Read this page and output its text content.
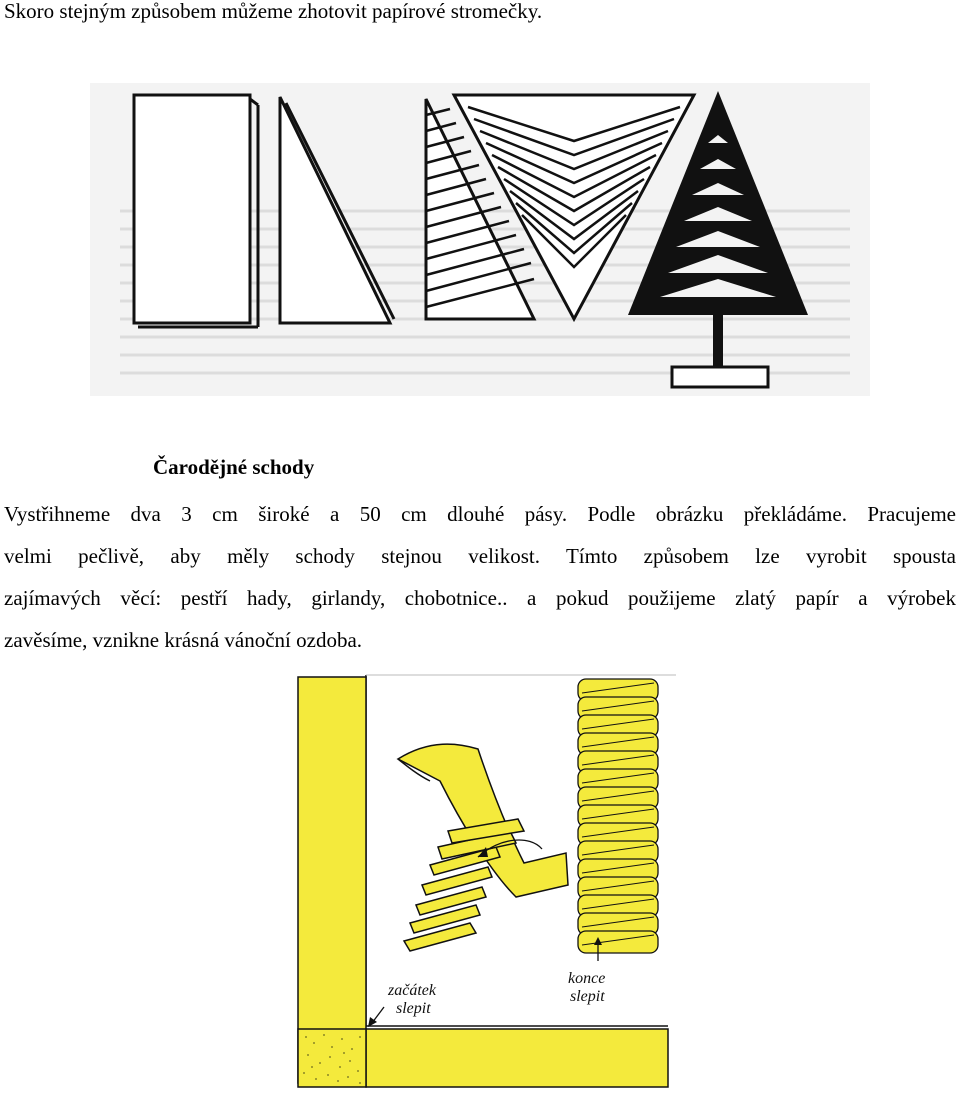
Skoro stejným způsobem můžeme zhotovit papírové stromečky.
Čarodějné schody
Vystřihneme dva 3 cm široké a 50 cm dlouhé pásy. Podle obrázku překládáme. Pracujeme
velmi pečlivě, aby měly schody stejnou velikost. Tímto způsobem lze vyrobit spousta
zajímavých věcí: pestří hady, girlandy, chobotnice.. a pokud použijeme zlatý papír a výrobek
zavěsíme, vznikne krásná vánoční ozdoba.
začátek
slepit
konce
slepit
